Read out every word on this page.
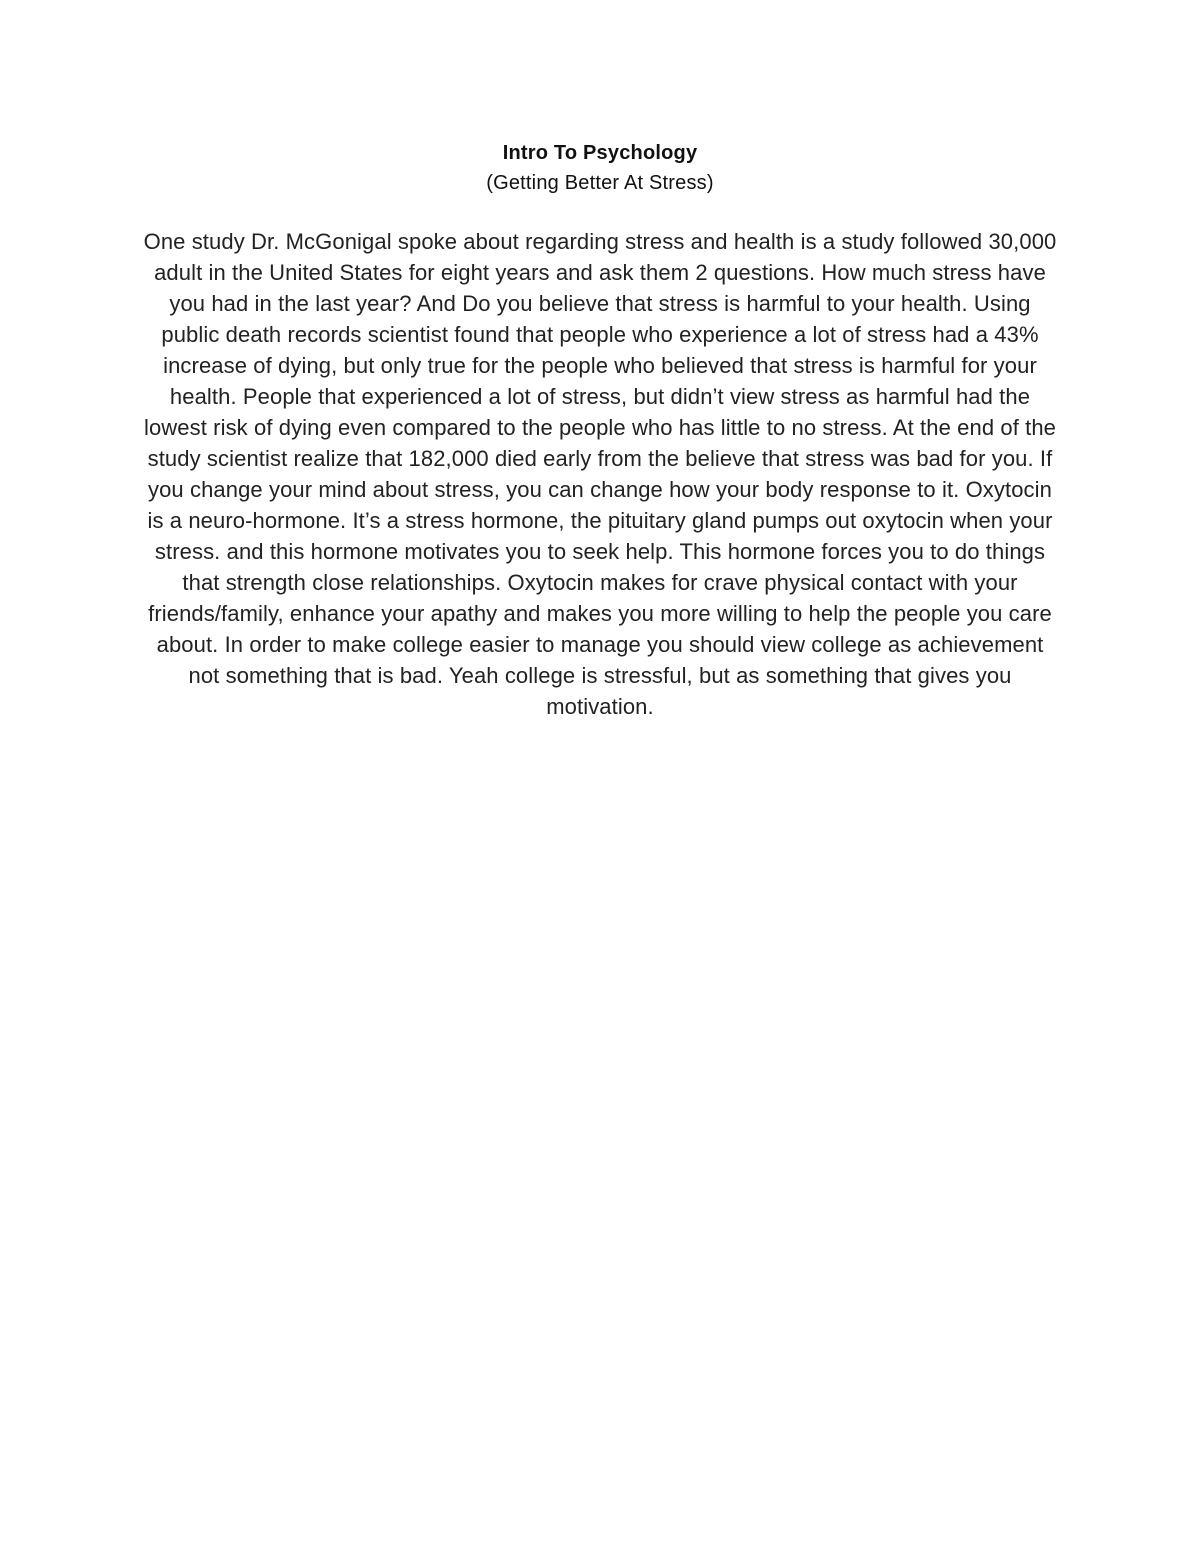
Intro To Psychology

(Getting Better At Stress)

One study Dr. McGonigal spoke about regarding stress and health is a study followed 30,000 adult in the United States for eight years and ask them 2 questions. How much stress have you had in the last year? And Do you believe that stress is harmful to your health. Using public death records scientist found that people who experience a lot of stress had a 43% increase of dying, but only true for the people who believed that stress is harmful for your health. People that experienced a lot of stress, but didn’t view stress as harmful had the lowest risk of dying even compared to the people who has little to no stress. At the end of the study scientist realize that 182,000 died early from the believe that stress was bad for you. If you change your mind about stress, you can change how your body response to it. Oxytocin is a neuro-hormone. It’s a stress hormone, the pituitary gland pumps out oxytocin when your stress. and this hormone motivates you to seek help. This hormone forces you to do things that strength close relationships. Oxytocin makes for crave physical contact with your friends/family, enhance your apathy and makes you more willing to help the people you care about. In order to make college easier to manage you should view college as achievement not something that is bad. Yeah college is stressful, but as something that gives you motivation.
